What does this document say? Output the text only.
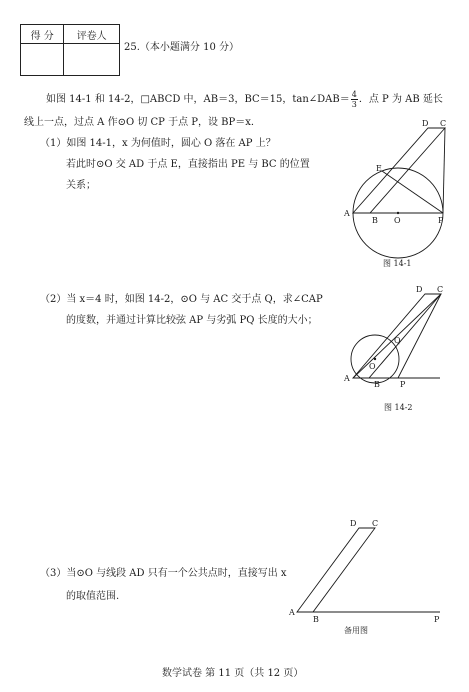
得 分	评卷人

25.（本小题满分 10 分）
如图 14-1 和 14-2，□ABCD 中，AB＝3，BC＝15，tan∠DAB＝ $\frac{4}{3}$ ．点 P 为 AB 延长
线上一点，过点 A 作⊙O 切 CP 于点 P，设 BP＝x．
（1）如图 14-1，x 为何值时，圆心 O 落在 AP 上？
若此时⊙O 交 AD 于点 E，直接指出 PE 与 BC 的位置
关系；
D C
E
A
B O	P
图 14-1
（2）当 x＝4 时，如图 14-2，⊙O 与 AC 交于点 Q，求∠CAP
的度数，并通过计算比较弦 AP 与劣弧 PQ 长度的大小；
D C
Q
A
O
B	P
图 14-2
（3）当⊙O 与线段 AD 只有一个公共点时，直接写出 x
的取值范围.
D C
A
B	P
备用图
数学试卷 第 11 页（共 12 页）
